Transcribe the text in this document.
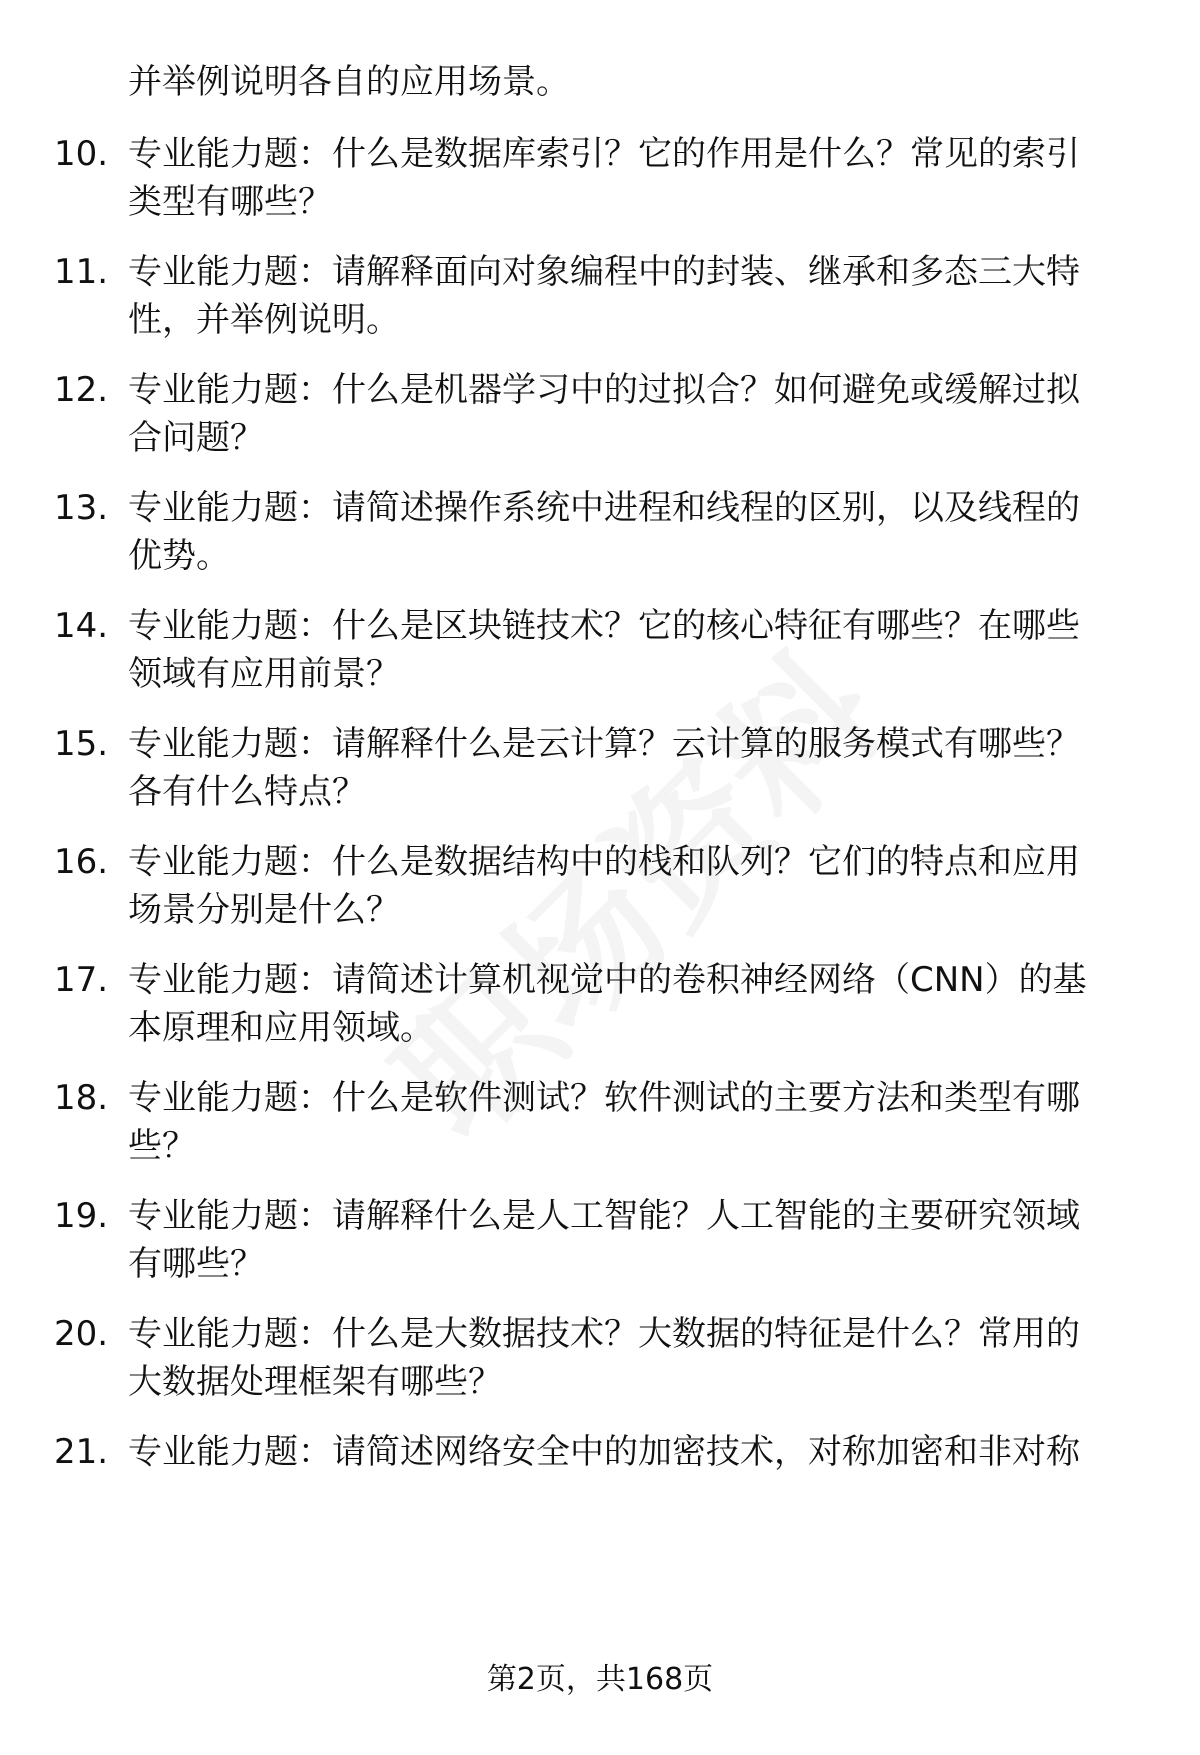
并举例说明各自的应用场景。
10. 专业能力题：什么是数据库索引？它的作用是什么？常见的索引
类型有哪些？
11. 专业能力题：请解释面向对象编程中的封装、继承和多态三大特
性，并举例说明。
12. 专业能力题：什么是机器学习中的过拟合？如何避免或缓解过拟
合问题？
13. 专业能力题：请简述操作系统中进程和线程的区别，以及线程的
优势。
14. 专业能力题：什么是区块链技术？它的核心特征有哪些？在哪些
领域有应用前景？
15. 专业能力题：请解释什么是云计算？云计算的服务模式有哪些？
各有什么特点？
16. 专业能力题：什么是数据结构中的栈和队列？它们的特点和应用
场景分别是什么？
17. 专业能力题：请简述计算机视觉中的卷积神经网络（CNN）的基
本原理和应用领域。
18. 专业能力题：什么是软件测试？软件测试的主要方法和类型有哪
些？
19. 专业能力题：请解释什么是人工智能？人工智能的主要研究领域
有哪些？
20. 专业能力题：什么是大数据技术？大数据的特征是什么？常用的
大数据处理框架有哪些？
21. 专业能力题：请简述网络安全中的加密技术，对称加密和非对称
第2页，共168页
